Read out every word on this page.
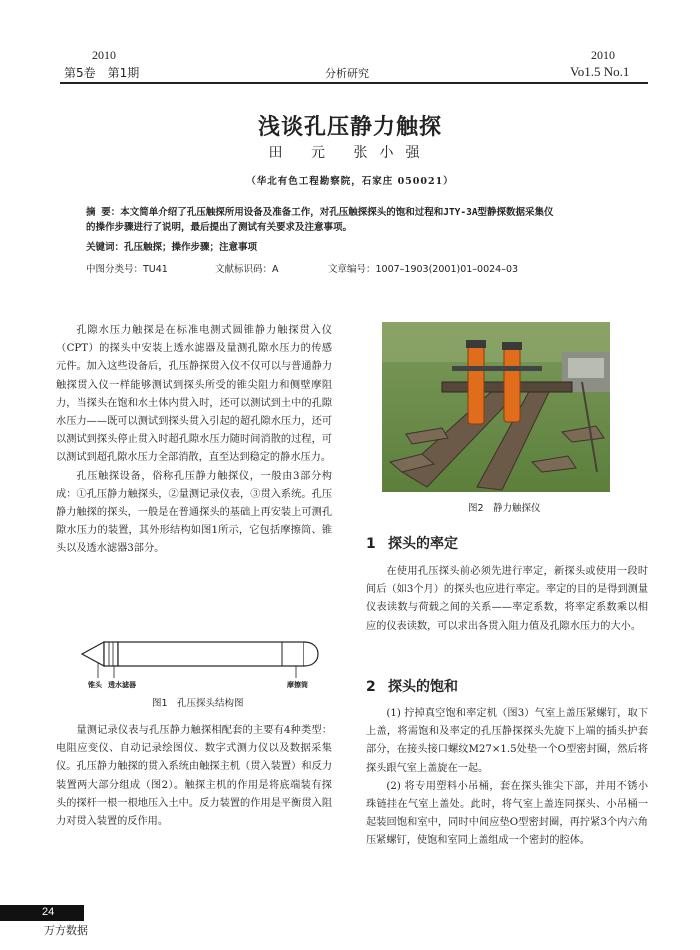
2010	2010
第5卷　第1期	分析研究	Vo1.5 No.1
浅谈孔压静力触探
田 元 张小强
（华北有色工程勘察院，石家庄 050021）
摘 要：本文简单介绍了孔压触探所用设备及准备工作，对孔压触探探头的饱和过程和JTY-3A型静探数据采集仪
的操作步骤进行了说明，最后提出了测试有关要求及注意事项。
关键词：孔压触探；操作步骤；注意事项
中图分类号：TU41	文献标识码：A	文章编号：1007–1903(2001)01–0024–03

孔隙水压力触探是在标准电测式圆锥静力触探贯入仪（CPT）的探头中安装上透水滤器及量测孔隙水压力的传感元件。加入这些设备后，孔压静探贯入仪不仅可以与普通静力触探贯入仪一样能够测试到探头所受的锥尖阻力和侧壁摩阻力，当探头在饱和水土体内贯入时，还可以测试到土中的孔隙水压力——既可以测试到探头贯入引起的超孔隙水压力，还可以测试到探头停止贯入时超孔隙水压力随时间消散的过程，可以测试到超孔隙水压力全部消散，直至达到稳定的静水压力。

孔压触探设备，俗称孔压静力触探仪，一般由3部分构成：①孔压静力触探头，②量测记录仪表，③贯入系统。孔压静力触探的探头，一般是在普通探头的基础上再安装上可测孔隙水压力的装置，其外形结构如图1所示，它包括摩擦筒、锥头以及透水滤器3部分。

锥头 透水滤器	摩擦筒
图1　孔压探头结构图

量测记录仪表与孔压静力触探相配套的主要有4种类型：电阻应变仪、自动记录绘图仪、数字式测力仪以及数据采集仪。孔压静力触探的贯入系统由触探主机（贯入装置）和反力装置两大部分组成（图2）。触探主机的作用是将底端装有探头的探杆一根一根地压入土中。反力装置的作用是平衡贯入阻力对贯入装置的反作用。

图2　静力触探仪
1 探头的率定

在使用孔压探头前必须先进行率定，新探头或使用一段时间后（如3个月）的探头也应进行率定。率定的目的是得到测量仪表读数与荷载之间的关系——率定系数，将率定系数乘以相应的仪表读数，可以求出各贯入阻力值及孔隙水压力的大小。

2 探头的饱和

(1) 拧掉真空饱和率定机（图3）气室上盖压紧螺钉，取下上盖，将需饱和及率定的孔压静探探头先旋下上端的插头护套部分，在接头接口螺纹M27×1.5处垫一个O型密封圈，然后将探头跟气室上盖旋在一起。

(2) 将专用塑料小吊桶，套在探头锥尖下部，并用不锈小珠链挂在气室上盖处。此时，将气室上盖连同探头、小吊桶一起装回饱和室中，同时中间应垫O型密封圈，再拧紧3个内六角压紧螺钉，使饱和室同上盖组成一个密封的腔体。

24
万方数据
